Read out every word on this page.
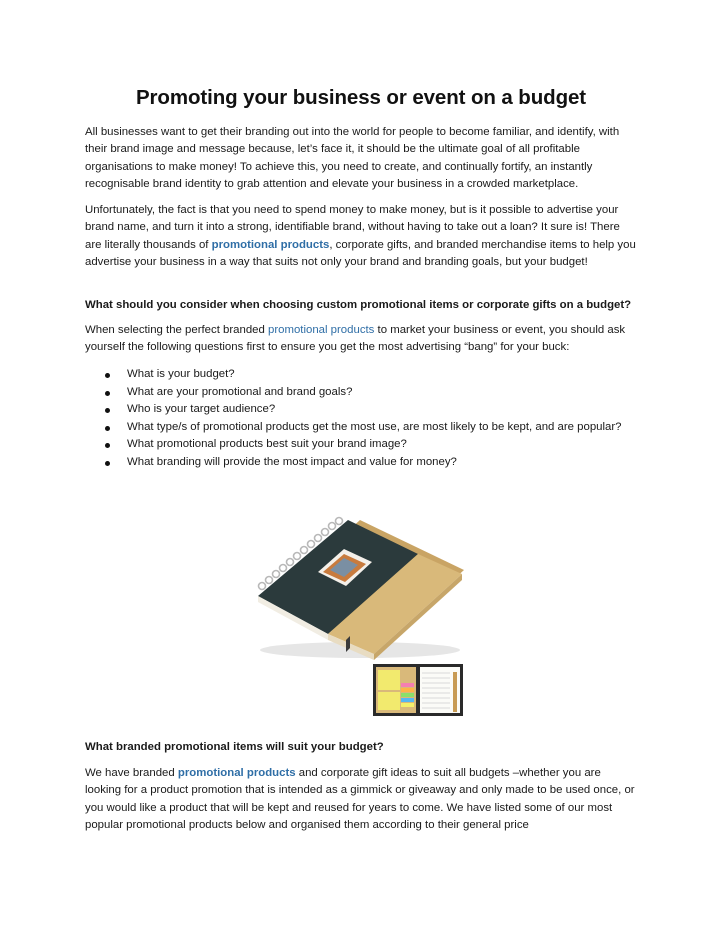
Promoting your business or event on a budget

All businesses want to get their branding out into the world for people to become familiar, and identify, with their brand image and message because, let’s face it, it should be the ultimate goal of all profitable organisations to make money! To achieve this, you need to create, and continually fortify, an instantly recognisable brand identity to grab attention and elevate your business in a crowded marketplace.

Unfortunately, the fact is that you need to spend money to make money, but is it possible to advertise your brand name, and turn it into a strong, identifiable brand, without having to take out a loan? It sure is! There are literally thousands of promotional products, corporate gifts, and branded merchandise items to help you advertise your business in a way that suits not only your brand and branding goals, but your budget!

What should you consider when choosing custom promotional items or corporate gifts on a budget?

When selecting the perfect branded promotional products to market your business or event, you should ask yourself the following questions first to ensure you get the most advertising “bang” for your buck:

What is your budget?
What are your promotional and brand goals?
Who is your target audience?
What type/s of promotional products get the most use, are most likely to be kept, and are popular?
What promotional products best suit your brand image?
What branding will provide the most impact and value for money?

What branded promotional items will suit your budget?

We have branded promotional products and corporate gift ideas to suit all budgets –whether you are looking for a product promotion that is intended as a gimmick or giveaway and only made to be used once, or you would like a product that will be kept and reused for years to come. We have listed some of our most popular promotional products below and organised them according to their general price
